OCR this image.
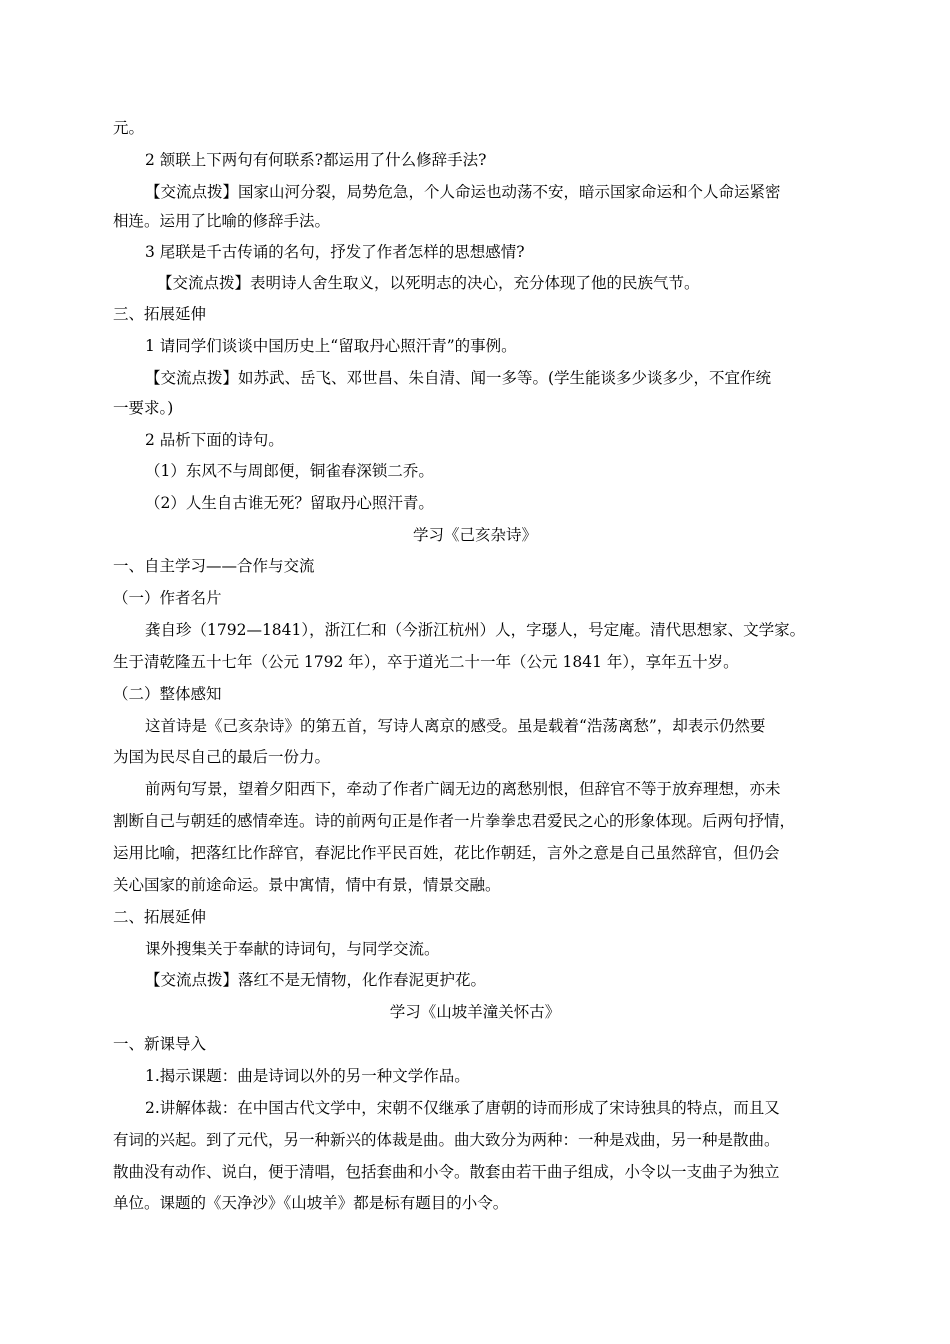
元。
2 颔联上下两句有何联系?都运用了什么修辞手法?
【交流点拨】国家山河分裂，局势危急，个人命运也动荡不安，暗示国家命运和个人命运紧密
相连。运用了比喻的修辞手法。
3 尾联是千古传诵的名句，抒发了作者怎样的思想感情?
【交流点拨】表明诗人舍生取义，以死明志的决心，充分体现了他的民族气节。
三、拓展延伸
1 请同学们谈谈中国历史上“留取丹心照汗青”的事例。
【交流点拨】如苏武、岳飞、邓世昌、朱自清、闻一多等。(学生能谈多少谈多少，不宜作统
一要求。)
2 品析下面的诗句。
（1）东风不与周郎便，铜雀春深锁二乔。
（2）人生自古谁无死？留取丹心照汗青。
学习《己亥杂诗》
一、自主学习——合作与交流
（一）作者名片
龚自珍（1792—1841），浙江仁和（今浙江杭州）人，字璱人，号定庵。清代思想家、文学家。
生于清乾隆五十七年（公元 1792 年），卒于道光二十一年（公元 1841 年），享年五十岁。
（二）整体感知
这首诗是《己亥杂诗》的第五首，写诗人离京的感受。虽是载着“浩荡离愁”，却表示仍然要
为国为民尽自己的最后一份力。
前两句写景，望着夕阳西下，牵动了作者广阔无边的离愁别恨，但辞官不等于放弃理想，亦未
割断自己与朝廷的感情牵连。诗的前两句正是作者一片拳拳忠君爱民之心的形象体现。后两句抒情，
运用比喻，把落红比作辞官，春泥比作平民百姓，花比作朝廷，言外之意是自己虽然辞官，但仍会
关心国家的前途命运。景中寓情，情中有景，情景交融。
二、拓展延伸
课外搜集关于奉献的诗词句，与同学交流。
【交流点拨】落红不是无情物，化作春泥更护花。
学习《山坡羊潼关怀古》
一、新课导入
1.揭示课题：曲是诗词以外的另一种文学作品。
2.讲解体裁：在中国古代文学中，宋朝不仅继承了唐朝的诗而形成了宋诗独具的特点，而且又
有词的兴起。到了元代，另一种新兴的体裁是曲。曲大致分为两种：一种是戏曲，另一种是散曲。
散曲没有动作、说白，便于清唱，包括套曲和小令。散套由若干曲子组成，小令以一支曲子为独立
单位。课题的《天净沙》《山坡羊》都是标有题目的小令。
